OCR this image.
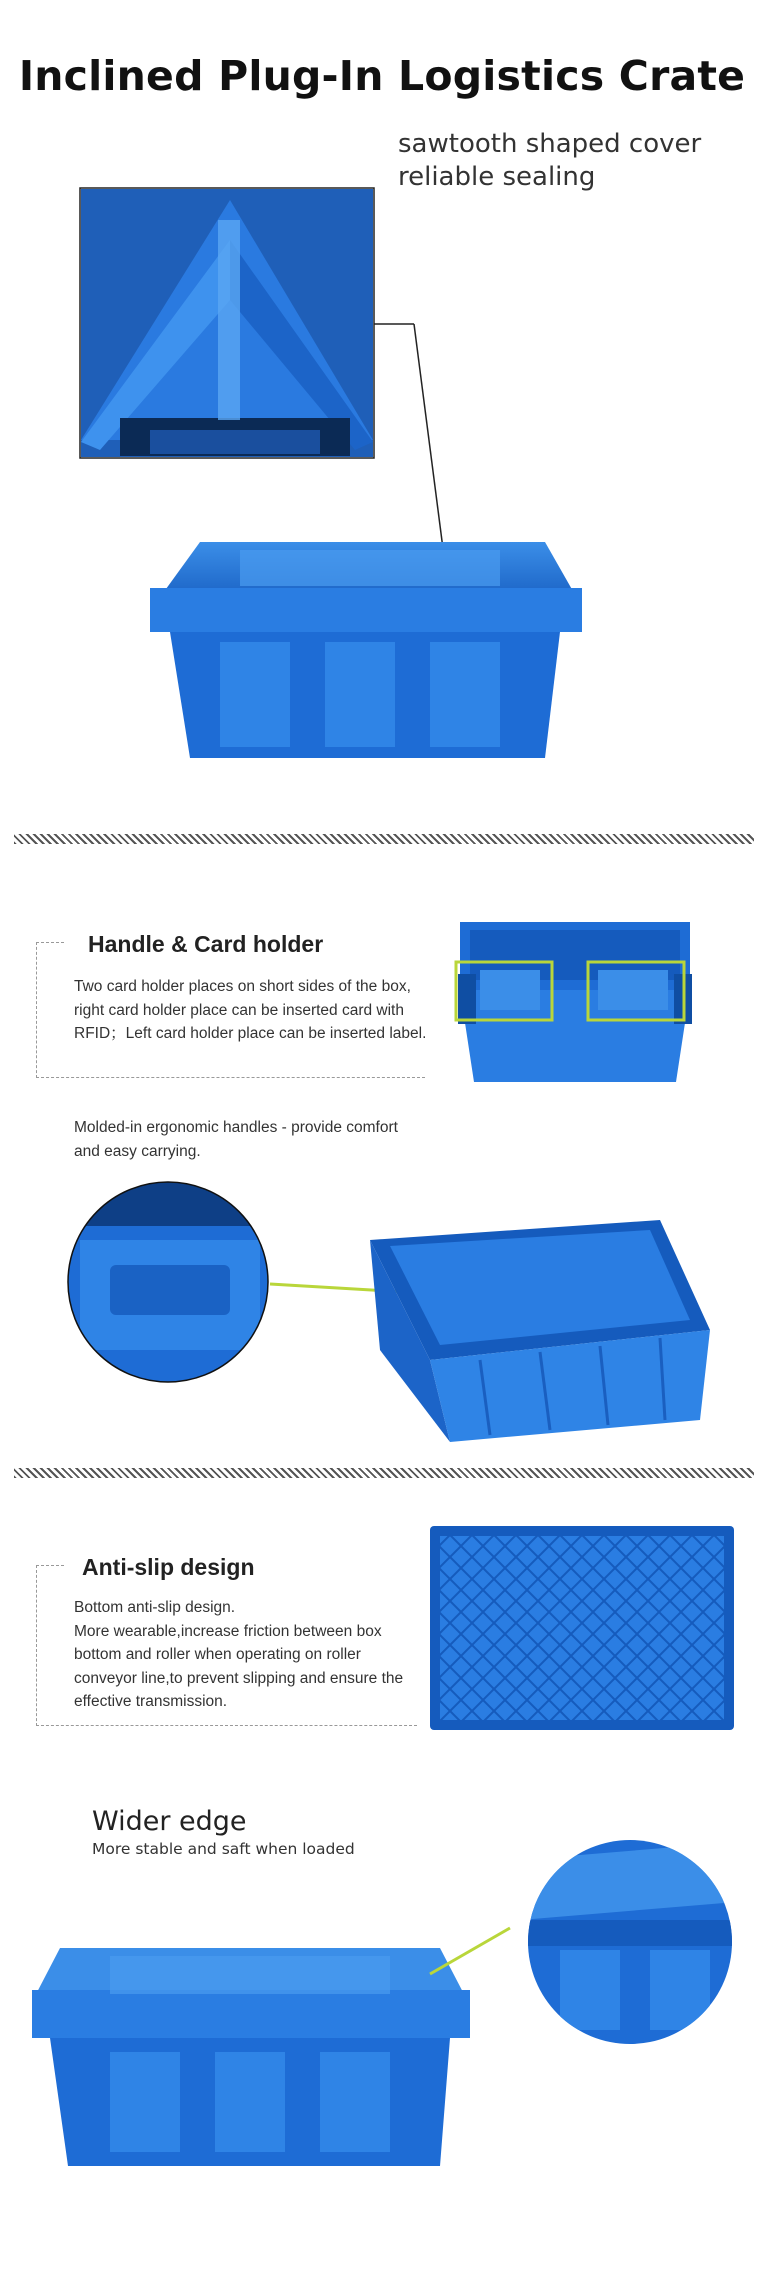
Inclined Plug-In Logistics Crate
sawtooth shaped cover
reliable sealing
Handle & Card holder
Two card holder places on short sides of the box,
right card holder place can be inserted card with
RFID；Left card holder place can be inserted label.
Molded-in ergonomic handles - provide comfort
and easy carrying.
Anti-slip design
Bottom anti-slip design.
More wearable,increase friction between box
bottom and roller when operating on roller
conveyor line,to prevent slipping and ensure the
effective transmission.
Wider edge
More stable and saft when loaded
